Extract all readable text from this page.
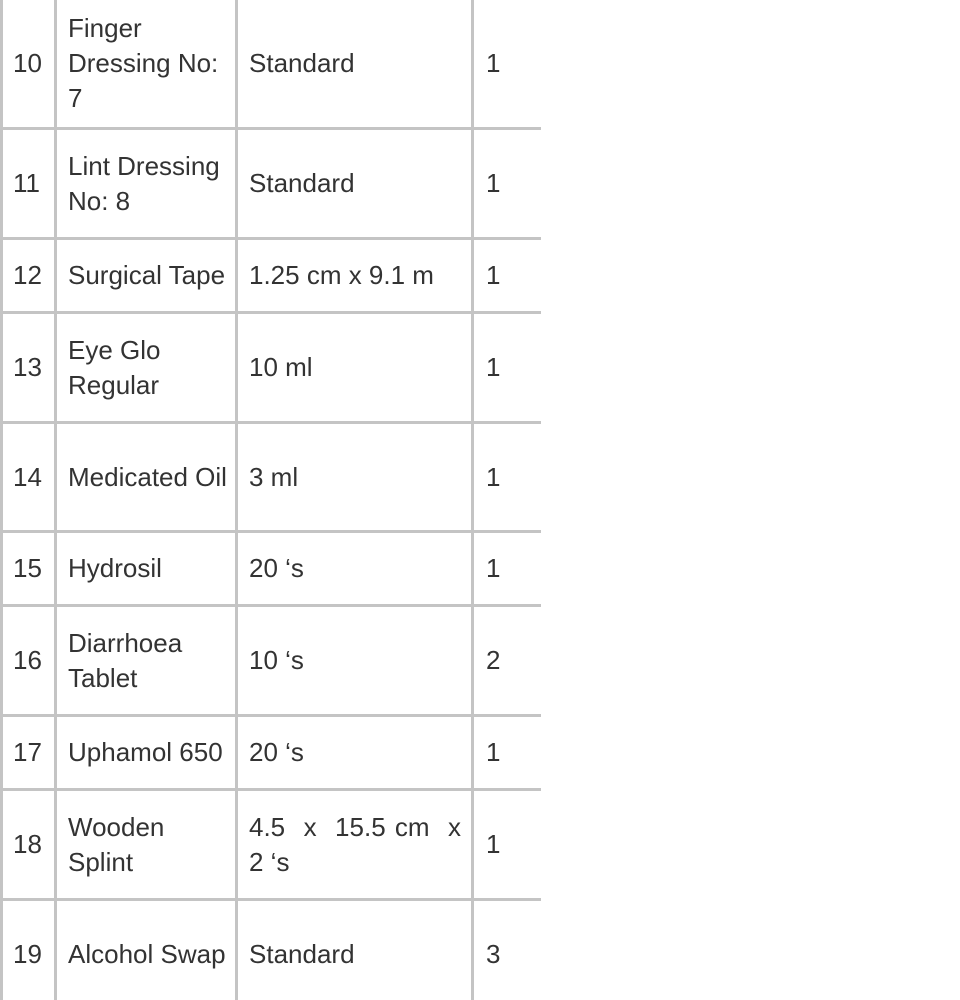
10	Finger Dressing No: 7	Standard	1
11	Lint Dressing No: 8	Standard	1
12	Surgical Tape	1.25 cm x 9.1 m	1
13	Eye Glo Regular	10 ml	1
14	Medicated Oil	3 ml	1
15	Hydrosil	20 ‘s	1
16	Diarrhoea Tablet	10 ‘s	2
17	Uphamol 650	20 ‘s	1
18	Wooden Splint	4.5  x  15.5 cm  x 2 ‘s	1
19	Alcohol Swap	Standard	3
